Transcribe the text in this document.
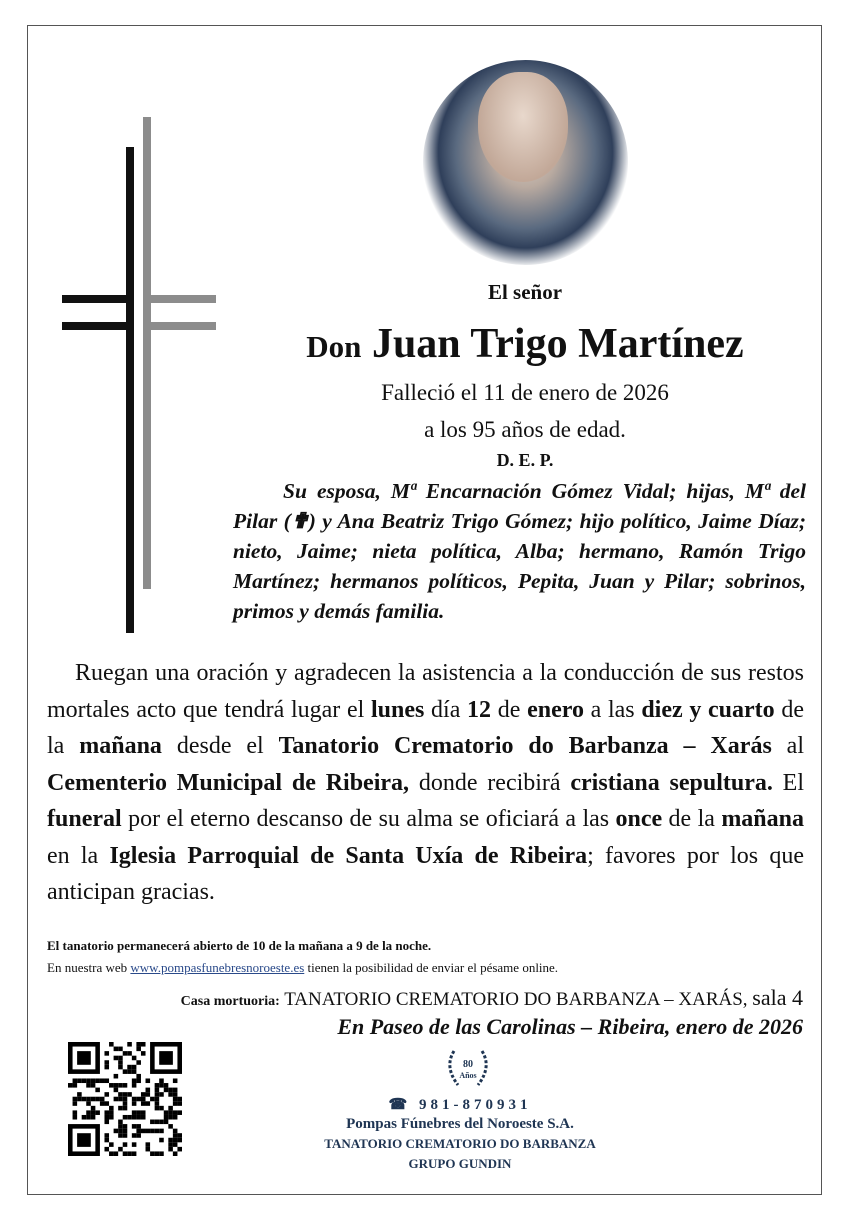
El señor
Don Juan Trigo Martínez
Falleció el 11 de enero de 2026
a los 95 años de edad.
D. E. P.

Su esposa, Mª Encarnación Gómez Vidal; hijas, Mª del Pilar (✟) y Ana Beatriz Trigo Gómez; hijo político, Jaime Díaz; nieto, Jaime; nieta política, Alba; hermano, Ramón Trigo Martínez; hermanos políticos, Pepita, Juan y Pilar; sobrinos, primos y demás familia.

Ruegan una oración y agradecen la asistencia a la conducción de sus restos mortales acto que tendrá lugar el lunes día 12 de enero a las diez y cuarto de la mañana desde el Tanatorio Crematorio do Barbanza – Xarás al Cementerio Municipal de Ribeira, donde recibirá cristiana sepultura. El funeral por el eterno descanso de su alma se oficiará a las once de la mañana en la Iglesia Parroquial de Santa Uxía de Ribeira; favores por los que anticipan gracias.

El tanatorio permanecerá abierto de 10 de la mañana a 9 de la noche.
En nuestra web www.pompasfunebresnoroeste.es tienen la posibilidad de enviar el pésame online.
Casa mortuoria: TANATORIO CREMATORIO DO BARBANZA – XARÁS, sala 4
En Paseo de las Carolinas – Ribeira, enero de 2026
80
Años
☎ 981-870931
Pompas Fúnebres del Noroeste S.A.
TANATORIO CREMATORIO DO BARBANZA
GRUPO GUNDIN
